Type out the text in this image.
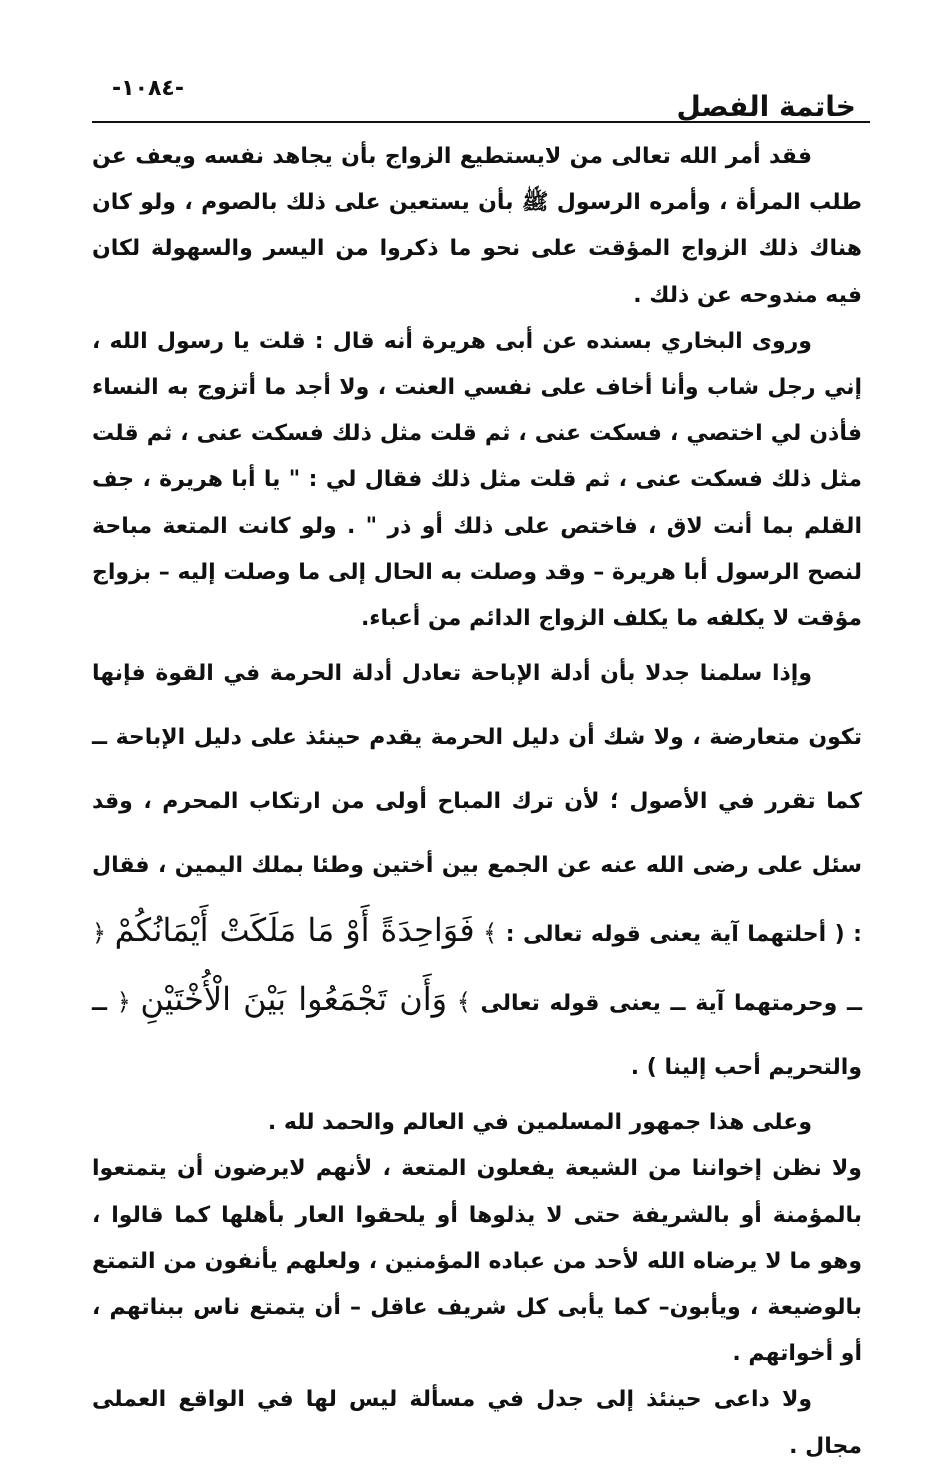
-١٠٨٤-
خاتمة الفصل

فقد أمر الله تعالى من لايستطيع الزواج بأن يجاهد نفسه ويعف عن طلب المرأة ، وأمره الرسول ﷺ بأن يستعين على ذلك بالصوم ، ولو كان هناك ذلك الزواج المؤقت على نحو ما ذكروا من اليسر والسهولة لكان فيه مندوحه عن ذلك .

وروى البخاري بسنده عن أبى هريرة أنه قال : قلت يا رسول الله ، إني رجل شاب وأنا أخاف على نفسي العنت ، ولا أجد ما أتزوج به النساء فأذن لي اختصي ، فسكت عنى ، ثم قلت مثل ذلك فسكت عنى ، ثم قلت مثل ذلك فسكت عنى ، ثم قلت مثل ذلك فقال لي : " يا أبا هريرة ، جف القلم بما أنت لاق ، فاختص على ذلك أو ذر " . ولو كانت المتعة مباحة لنصح الرسول أبا هريرة – وقد وصلت به الحال إلى ما وصلت إليه – بزواج مؤقت لا يكلفه ما يكلف الزواج الدائم من أعباء.

وإذا سلمنا جدلا بأن أدلة الإباحة تعادل أدلة الحرمة في القوة فإنها تكون متعارضة ، ولا شك أن دليل الحرمة يقدم حينئذ على دليل الإباحة ــ كما تقرر في الأصول ؛ لأن ترك المباح أولى من ارتكاب المحرم ، وقد سئل على رضى الله عنه عن الجمع بين أختين وطئا بملك اليمين ، فقال : ( أحلتهما آية يعنى قوله تعالى : ﴾ فَوَاحِدَةً أَوْ مَا مَلَكَتْ أَيْمَانُكُمْ ﴿ ــ وحرمتهما آية ــ يعنى قوله تعالى ﴾ وَأَن تَجْمَعُوا بَيْنَ الْأُخْتَيْنِ ﴿ ــ والتحريم أحب إلينا ) .

وعلى هذا جمهور المسلمين في العالم والحمد لله .

ولا نظن إخواننا من الشيعة يفعلون المتعة ، لأنهم لايرضون أن يتمتعوا بالمؤمنة أو بالشريفة حتى لا يذلوها أو يلحقوا العار بأهلها كما قالوا ، وهو ما لا يرضاه الله لأحد من عباده المؤمنين ، ولعلهم يأنفون من التمتع بالوضيعة ، ويأبون– كما يأبى كل شريف عاقل – أن يتمتع ناس ببناتهم ، أو أخواتهم .

ولا داعى حينئذ إلى جدل في مسألة ليس لها في الواقع العملى مجال .
